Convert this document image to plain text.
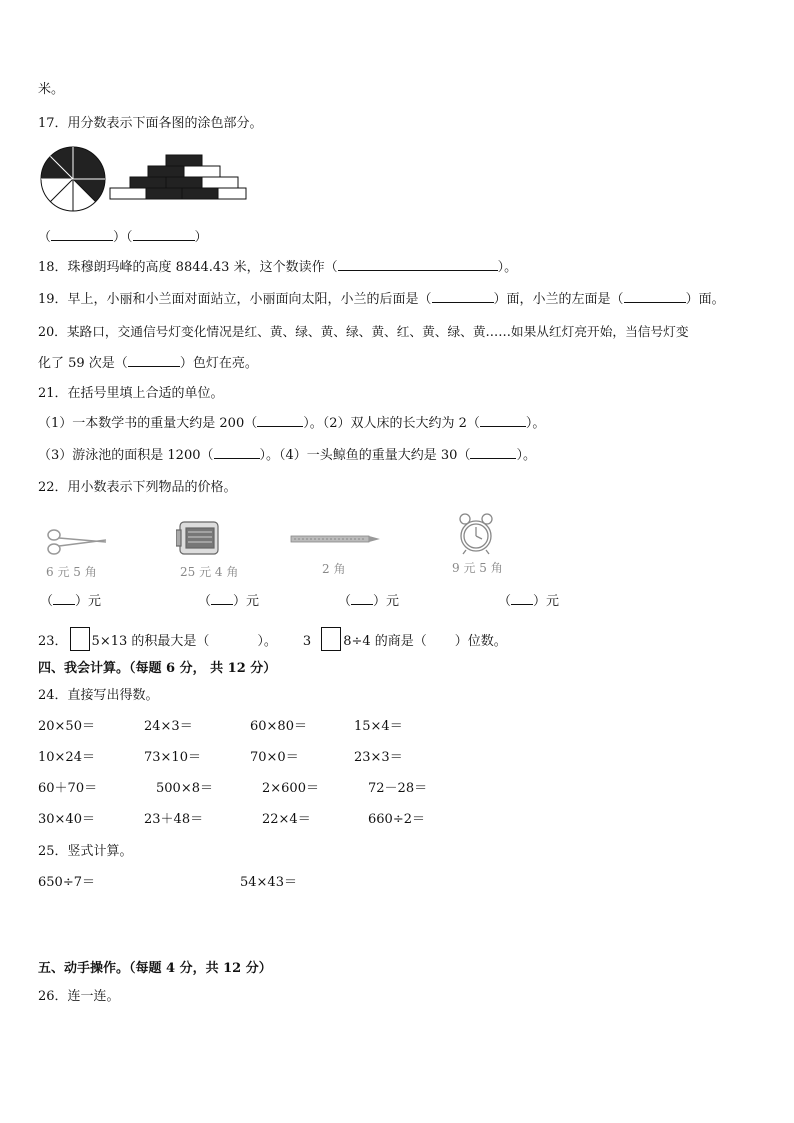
米。
17．用分数表示下面各图的涂色部分。
（	）（	）
18．珠穆朗玛峰的高度 8844.43 米，这个数读作（	）。
19．早上，小丽和小兰面对面站立，小丽面向太阳，小兰的后面是（	）面，小兰的左面是（	）面。
20．某路口，交通信号灯变化情况是红、黄、绿、黄、绿、黄、红、黄、绿、黄……如果从红灯亮开始，当信号灯变
化了 59 次是（	）色灯在亮。
21．在括号里填上合适的单位。
（1）一本数学书的重量大约是 200（	）。（2）双人床的长大约为 2（	）。
（3）游泳池的面积是 1200（	）。（4）一头鲸鱼的重量大约是 30（	）。
22．用小数表示下列物品的价格。
6 元 5 角	25 元 4 角	2 角	9 元 5 角
（ ）元	（ ）元	（ ）元	（ ）元
23． 5×13 的积最大是（	）。 3 8÷4 的商是（ ）位数。
四、我会计算。（每题 6 分， 共 12 分）
24．直接写出得数。
20×50＝	24×3＝	60×80＝	15×4＝
10×24＝	73×10＝	70×0＝	23×3＝
60＋70＝	500×8＝	2×600＝	72－28＝
30×40＝	23＋48＝	22×4＝	660÷2＝
25．竖式计算。
650÷7＝	54×43＝
五、动手操作。（每题 4 分，共 12 分）
26．连一连。
